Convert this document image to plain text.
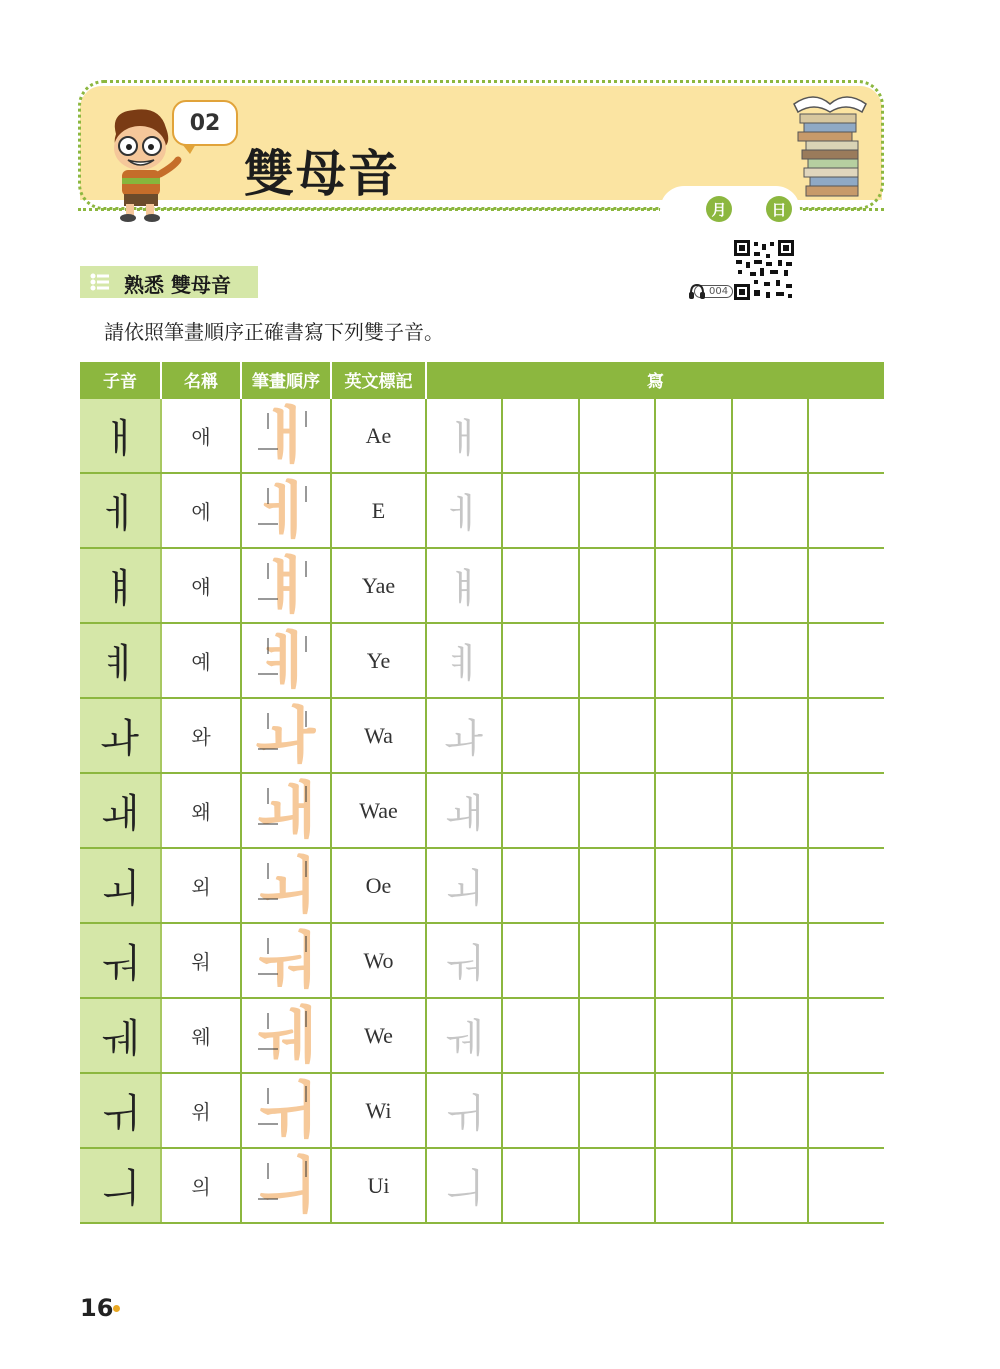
02
雙母音
月	日
004
熟悉 雙母音
請依照筆畫順序正確書寫下列雙子音。
子音	名稱	筆畫順序	英文標記	寫					
ㅐ	애	ㅐ	Ae	ㅐ					
ㅔ	에	ㅔ	E	ㅔ					
ㅒ	얘	ㅒ	Yae	ㅒ					
ㅖ	예	ㅖ	Ye	ㅖ					
ㅘ	와	ㅘ	Wa	ㅘ					
ㅙ	왜	ㅙ	Wae	ㅙ					
ㅚ	외	ㅚ	Oe	ㅚ					
ㅝ	워	ㅝ	Wo	ㅝ					
ㅞ	웨	ㅞ	We	ㅞ					
ㅟ	위	ㅟ	Wi	ㅟ					
ㅢ	의	ㅢ	Ui	ㅢ					
16
